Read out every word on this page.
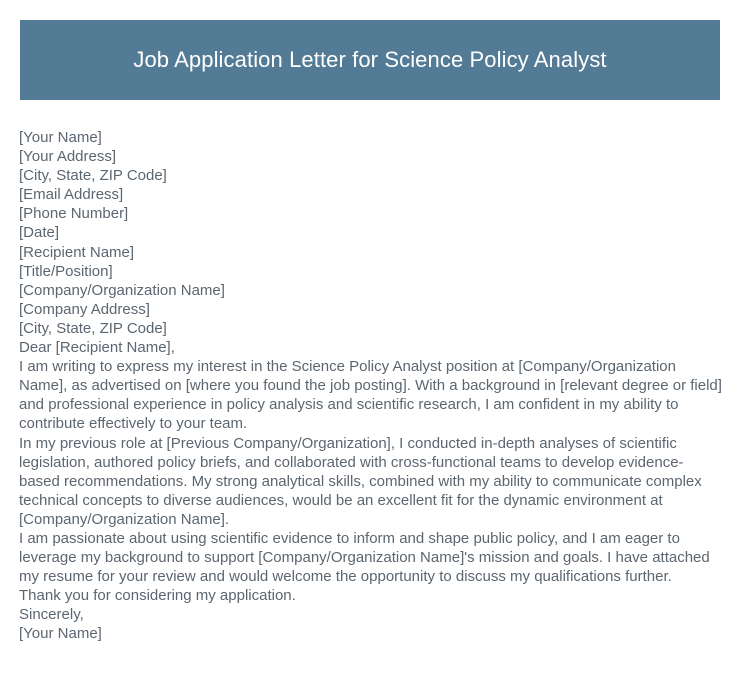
Job Application Letter for Science Policy Analyst
[Your Name]
[Your Address]
[City, State, ZIP Code]
[Email Address]
[Phone Number]
[Date]
[Recipient Name]
[Title/Position]
[Company/Organization Name]
[Company Address]
[City, State, ZIP Code]
Dear [Recipient Name],
I am writing to express my interest in the Science Policy Analyst position at [Company/Organization Name], as advertised on [where you found the job posting]. With a background in [relevant degree or field] and professional experience in policy analysis and scientific research, I am confident in my ability to contribute effectively to your team.
In my previous role at [Previous Company/Organization], I conducted in-depth analyses of scientific legislation, authored policy briefs, and collaborated with cross-functional teams to develop evidence-based recommendations. My strong analytical skills, combined with my ability to communicate complex technical concepts to diverse audiences, would be an excellent fit for the dynamic environment at [Company/Organization Name].
I am passionate about using scientific evidence to inform and shape public policy, and I am eager to leverage my background to support [Company/Organization Name]'s mission and goals. I have attached my resume for your review and would welcome the opportunity to discuss my qualifications further.
Thank you for considering my application.
Sincerely,
[Your Name]
